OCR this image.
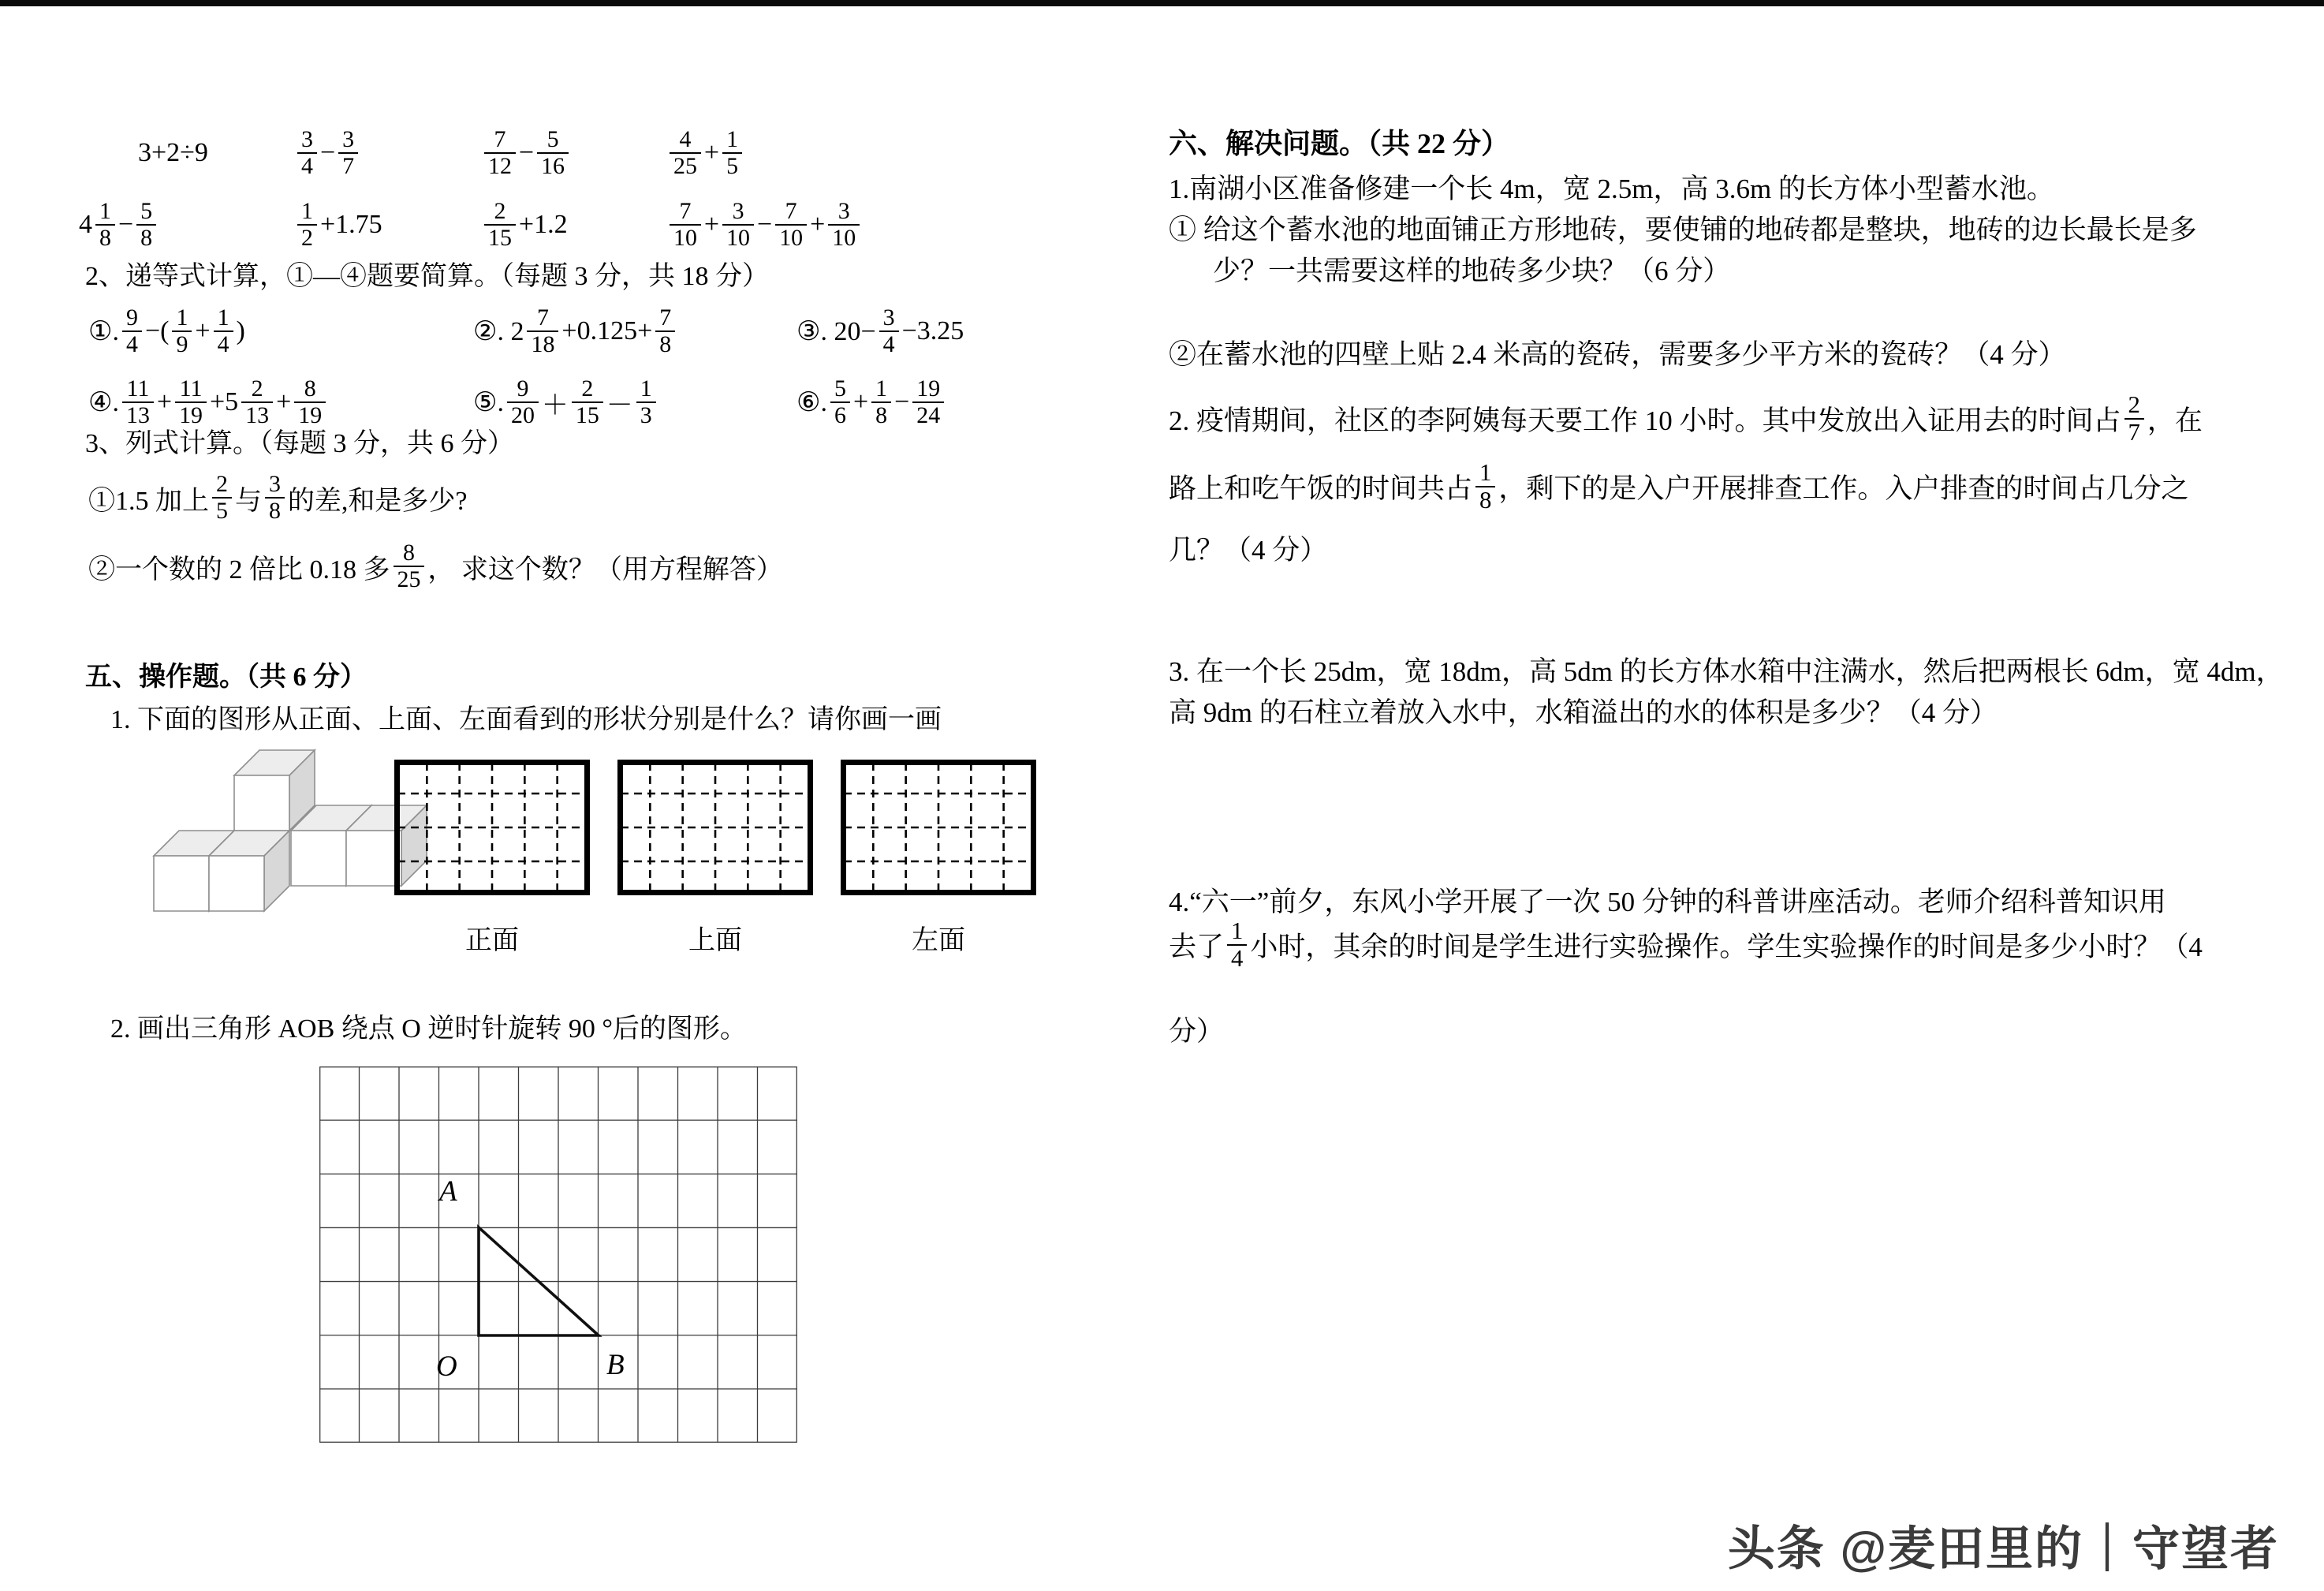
3+2÷9	$\frac{3}{4} - \frac{3}{7}$	$\frac{7}{12} - \frac{5}{16}$	$\frac{4}{25} + \frac{1}{5}$
$4 \frac{1}{8} - \frac{5}{8}$	$\frac{1}{2} +1.75$	$\frac{2}{15} +1.2$	$\frac{7}{10} + \frac{3}{10} - \frac{7}{10} + \frac{3}{10}$
2、递等式计算，①—④题要简算。（每题 3 分，共 18 分）
①. $\frac{9}{4}$ −( $\frac{1}{9} + \frac{1}{4}$ )	②. $2 \frac{7}{18} +0.125+ \frac{7}{8}$	③. $20- \frac{3}{4} -3.25$
④. $\frac{11}{13} + \frac{11}{19} +5 \frac{2}{13} + \frac{8}{19}$	⑤. $\frac{9}{20} + \frac{2}{15} - \frac{1}{3}$	⑥. $\frac{5}{6} + \frac{1}{8} - \frac{19}{24}$
3、列式计算。（每题 3 分，共 6 分）
①1.5 加上 $\frac{2}{5}$ 与 $\frac{3}{8}$ 的差,和是多少?
②一个数的 2 倍比 0.18 多 $\frac{8}{25}$ ， 求这个数？（用方程解答）
五、操作题。（共 6 分）
1. 下面的图形从正面、上面、左面看到的形状分别是什么？请你画一画
正面	上面	左面
2. 画出三角形 AOB 绕点 O 逆时针旋转 90 °后的图形。
A
O	B
六、解决问题。（共 22 分）
1.南湖小区准备修建一个长 4m，宽 2.5m，高 3.6m 的长方体小型蓄水池。
① 给这个蓄水池的地面铺正方形地砖，要使铺的地砖都是整块，地砖的边长最长是多
少？一共需要这样的地砖多少块？（6 分）
②在蓄水池的四壁上贴 2.4 米高的瓷砖，需要多少平方米的瓷砖？（4 分）
2. 疫情期间，社区的李阿姨每天要工作 10 小时。其中发放出入证用去的时间占 $\frac{2}{7}$ ，在
路上和吃午饭的时间共占 $\frac{1}{8}$ ，剩下的是入户开展排查工作。入户排查的时间占几分之
几？（4 分）
3. 在一个长 25dm，宽 18dm，高 5dm 的长方体水箱中注满水，然后把两根长 6dm，宽 4dm，
高 9dm 的石柱立着放入水中，水箱溢出的水的体积是多少？（4 分）
4.“六一”前夕，东风小学开展了一次 50 分钟的科普讲座活动。老师介绍科普知识用
去了 $\frac{1}{4}$ 小时，其余的时间是学生进行实验操作。学生实验操作的时间是多少小时？（4
分）
头条 @麦田里的｜守望者
